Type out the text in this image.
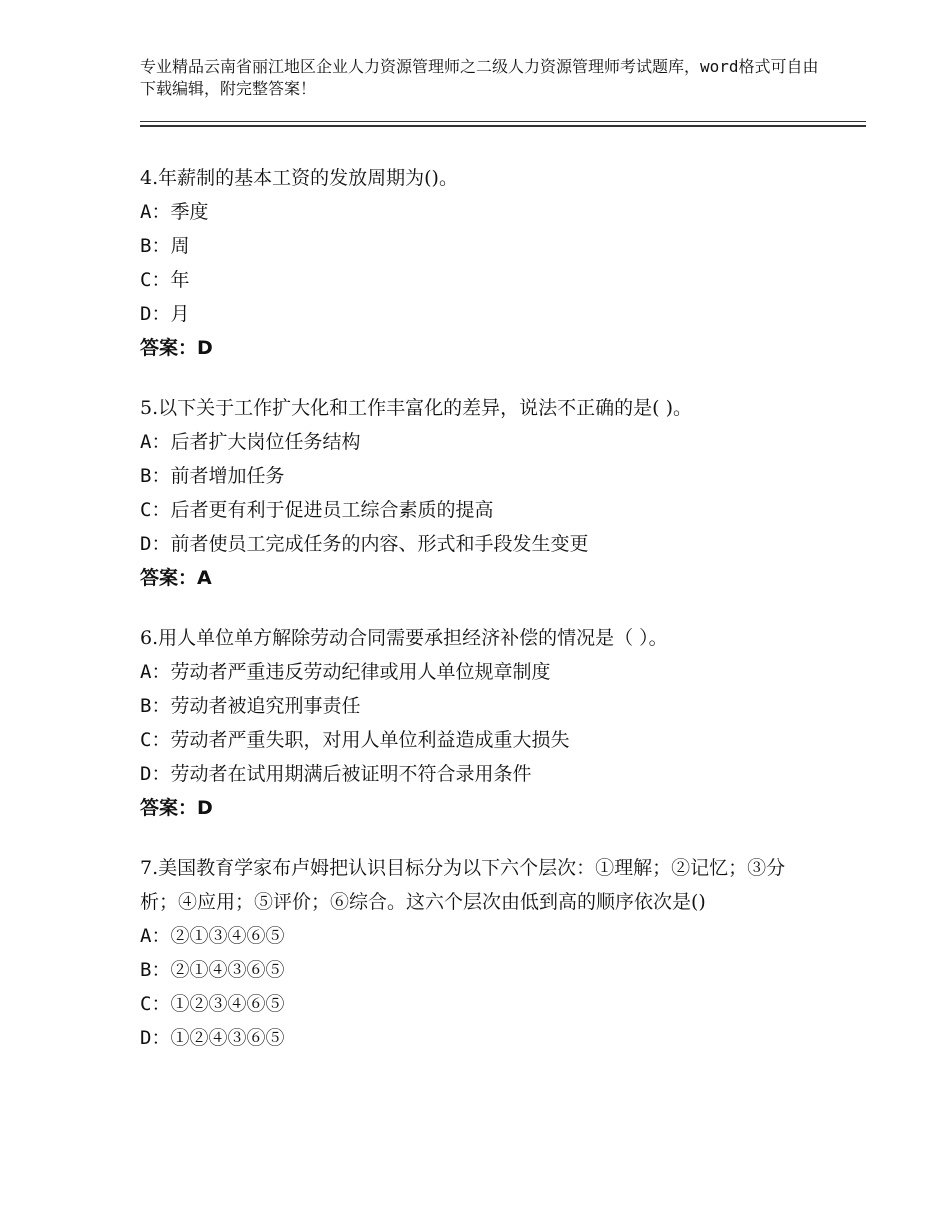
专业精品云南省丽江地区企业人力资源管理师之二级人力资源管理师考试题库，word格式可自由下载编辑，附完整答案！

4.年薪制的基本工资的发放周期为()。

A：季度

B：周

C：年

D：月

答案：D

5.以下关于工作扩大化和工作丰富化的差异，说法不正确的是( )。

A：后者扩大岗位任务结构

B：前者增加任务

C：后者更有利于促进员工综合素质的提高

D：前者使员工完成任务的内容、形式和手段发生变更

答案：A

6.用人单位单方解除劳动合同需要承担经济补偿的情况是（ ）。

A：劳动者严重违反劳动纪律或用人单位规章制度

B：劳动者被追究刑事责任

C：劳动者严重失职，对用人单位利益造成重大损失

D：劳动者在试用期满后被证明不符合录用条件

答案：D

7.美国教育学家布卢姆把认识目标分为以下六个层次：①理解；②记忆；③分析；④应用；⑤评价；⑥综合。这六个层次由低到高的顺序依次是()

A：②①③④⑥⑤

B：②①④③⑥⑤

C：①②③④⑥⑤

D：①②④③⑥⑤
